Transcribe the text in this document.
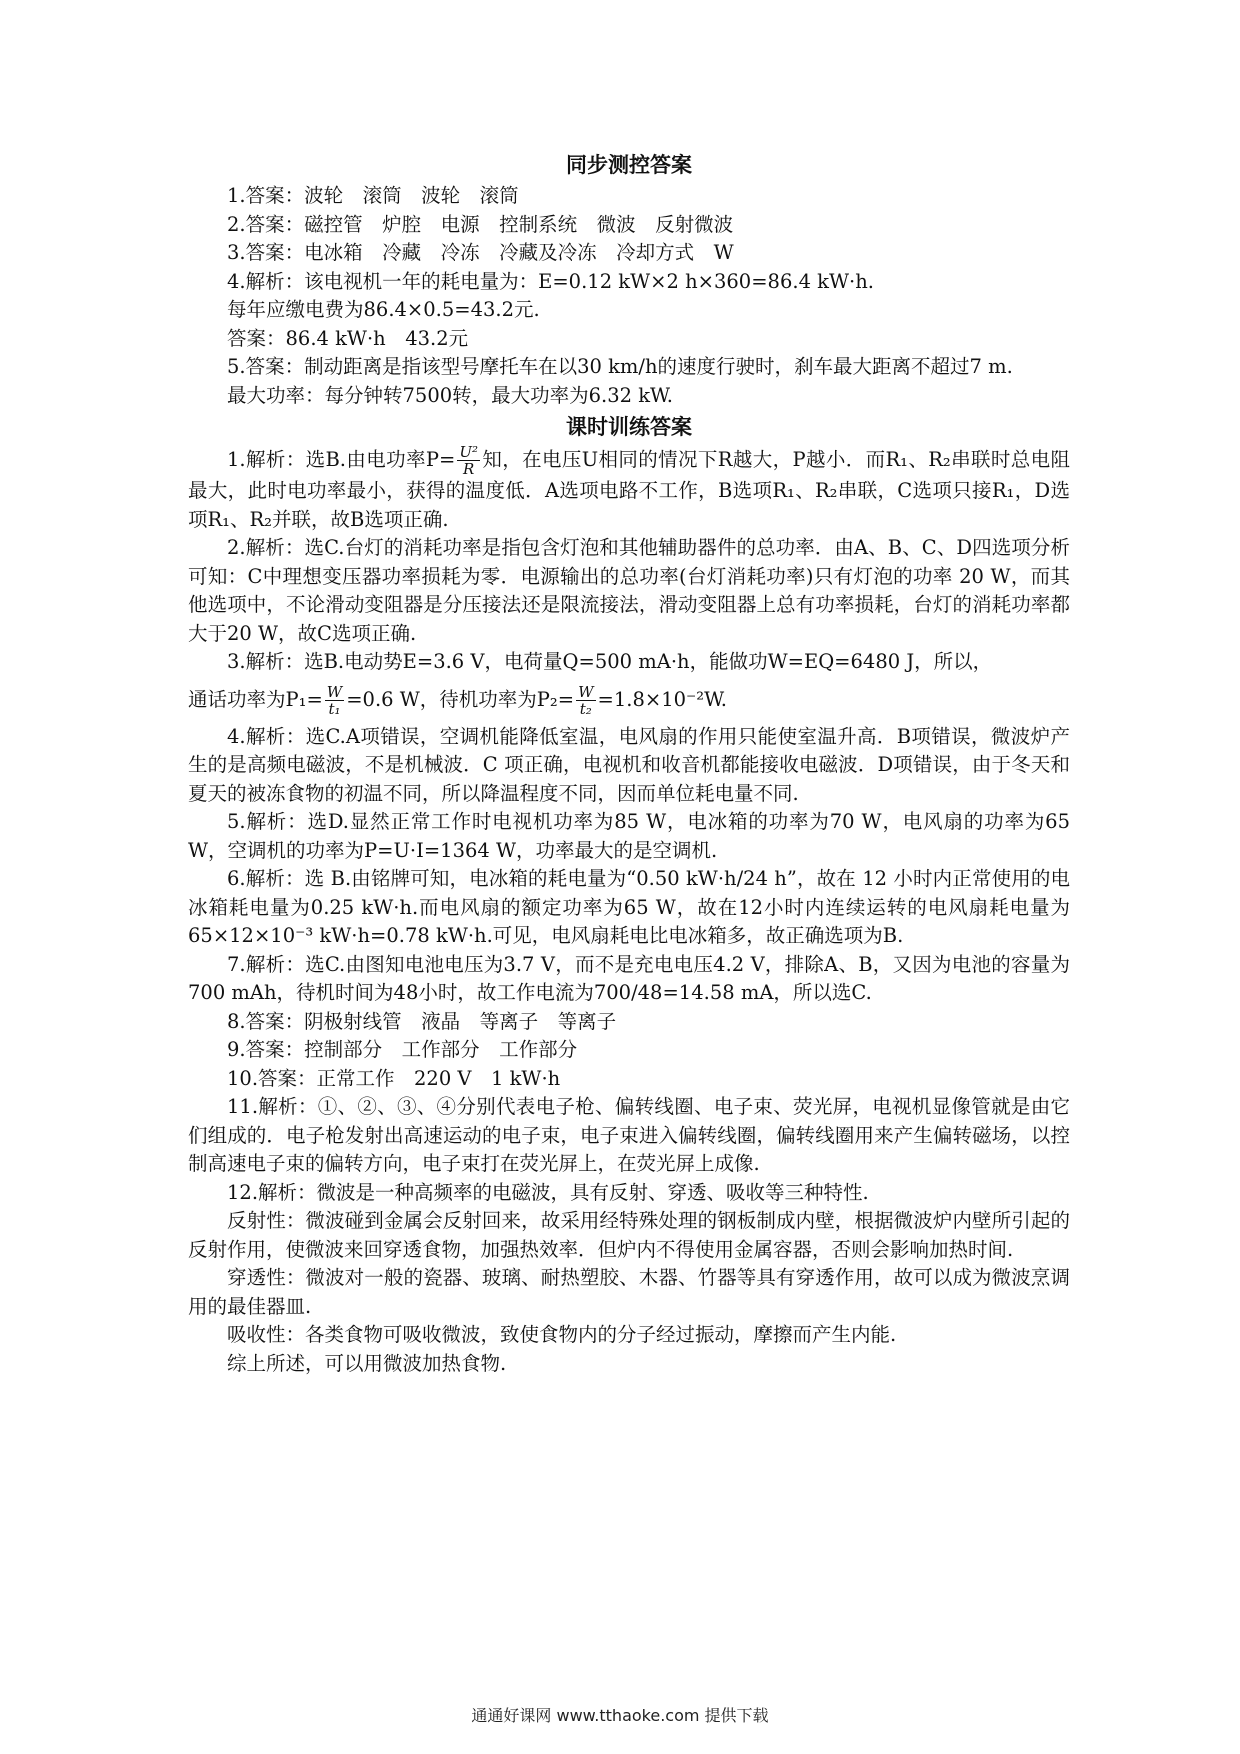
同步测控答案

1.答案：波轮　滚筒　波轮　滚筒

2.答案：磁控管　炉腔　电源　控制系统　微波　反射微波

3.答案：电冰箱　冷藏　冷冻　冷藏及冷冻　冷却方式　W

4.解析：该电视机一年的耗电量为：E=0.12 kW×2 h×360=86.4 kW·h.

每年应缴电费为86.4×0.5=43.2元.

答案：86.4 kW·h　43.2元

5.答案：制动距离是指该型号摩托车在以30 km/h的速度行驶时，刹车最大距离不超过7 m.

最大功率：每分钟转7500转，最大功率为6.32 kW.

课时训练答案

1.解析：选B.由电功率$P= \frac{\text{U²}}{R}$ 知，在电压U相同的情况下R越大，P越小．而R₁、R₂串联时总电阻最大，此时电功率最小，获得的温度低．A选项电路不工作，B选项R₁、R₂串联，C选项只接R₁，D选项R₁、R₂并联，故B选项正确.

2.解析：选C.台灯的消耗功率是指包含灯泡和其他辅助器件的总功率．由A、B、C、D四选项分析可知：C中理想变压器功率损耗为零．电源输出的总功率(台灯消耗功率)只有灯泡的功率 20 W，而其他选项中，不论滑动变阻器是分压接法还是限流接法，滑动变阻器上总有功率损耗，台灯的消耗功率都大于20 W，故C选项正确.

3.解析：选B.电动势E=3.6 V，电荷量Q=500 mA·h，能做功W=EQ=6480 J，所以，

通话功率为$P_1= \frac{W}{\text{t₁}} =0.6$ W，待机功率为$P_2= \frac{W}{\text{t₂}} =1.8\times 10^{-2}W$.

4.解析：选C.A项错误，空调机能降低室温，电风扇的作用只能使室温升高．B项错误，微波炉产生的是高频电磁波，不是机械波．C 项正确，电视机和收音机都能接收电磁波．D项错误，由于冬天和夏天的被冻食物的初温不同，所以降温程度不同，因而单位耗电量不同.

5.解析：选D.显然正常工作时电视机功率为85 W，电冰箱的功率为70 W，电风扇的功率为65 W，空调机的功率为P=U·I=1364 W，功率最大的是空调机.

6.解析：选 B.由铭牌可知，电冰箱的耗电量为“0.50 kW·h/24 h”，故在 12 小时内正常使用的电冰箱耗电量为0.25 kW·h.而电风扇的额定功率为65 W，故在12小时内连续运转的电风扇耗电量为65×12×10⁻³ kW·h=0.78 kW·h.可见，电风扇耗电比电冰箱多，故正确选项为B.

7.解析：选C.由图知电池电压为3.7 V，而不是充电电压4.2 V，排除A、B，又因为电池的容量为700 mAh，待机时间为48小时，故工作电流为700/48=14.58 mA，所以选C.

8.答案：阴极射线管　液晶　等离子　等离子

9.答案：控制部分　工作部分　工作部分

10.答案：正常工作　220 V　1 kW·h

11.解析：①、②、③、④分别代表电子枪、偏转线圈、电子束、荧光屏，电视机显像管就是由它们组成的．电子枪发射出高速运动的电子束，电子束进入偏转线圈，偏转线圈用来产生偏转磁场，以控制高速电子束的偏转方向，电子束打在荧光屏上，在荧光屏上成像.

12.解析：微波是一种高频率的电磁波，具有反射、穿透、吸收等三种特性.

反射性：微波碰到金属会反射回来，故采用经特殊处理的钢板制成内壁，根据微波炉内壁所引起的反射作用，使微波来回穿透食物，加强热效率．但炉内不得使用金属容器，否则会影响加热时间.

穿透性：微波对一般的瓷器、玻璃、耐热塑胶、木器、竹器等具有穿透作用，故可以成为微波烹调用的最佳器皿.

吸收性：各类食物可吸收微波，致使食物内的分子经过振动，摩擦而产生内能.

综上所述，可以用微波加热食物.

通通好课网 www.tthaoke.com 提供下载
